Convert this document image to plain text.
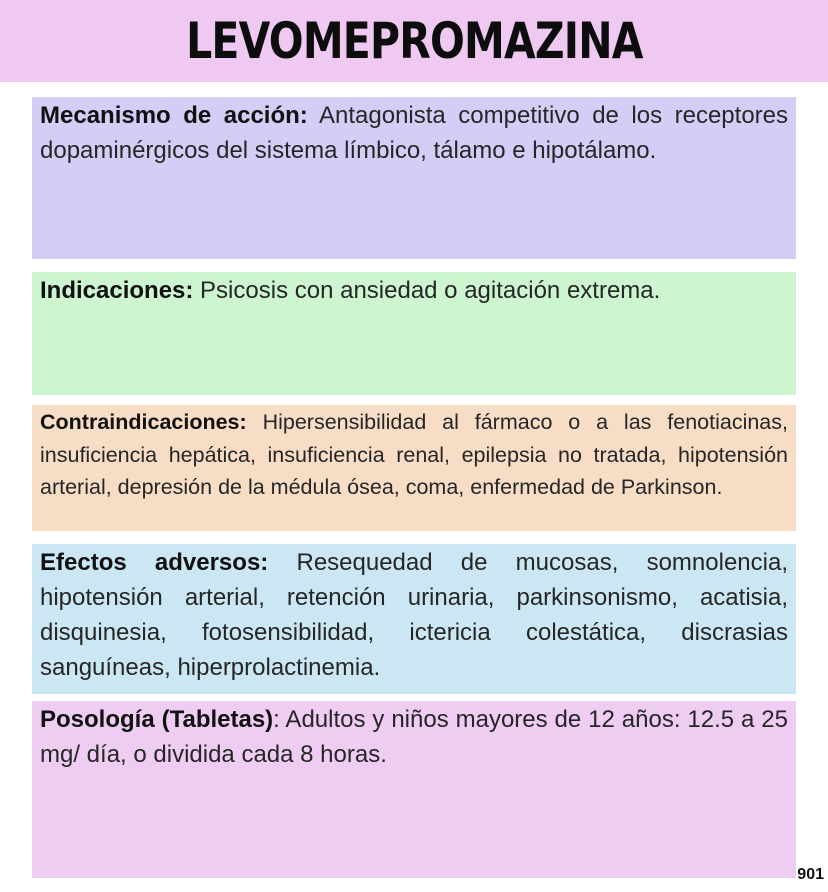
LEVOMEPROMAZINA
Mecanismo de acción: Antagonista competitivo de los receptores dopaminérgicos del sistema límbico, tálamo e hipotálamo.
Indicaciones: Psicosis con ansiedad o agitación extrema.
Contraindicaciones: Hipersensibilidad al fármaco o a las fenotiacinas, insuficiencia hepática, insuficiencia renal, epilepsia no tratada, hipotensión arterial, depresión de la médula ósea, coma, enfermedad de Parkinson.
Efectos adversos: Resequedad de mucosas, somnolencia, hipotensión arterial, retención urinaria, parkinsonismo, acatisia, disquinesia, fotosensibilidad, ictericia colestática, discrasias sanguíneas, hiperprolactinemia.
Posología (Tabletas): Adultos y niños mayores de 12 años: 12.5 a 25 mg/ día, o dividida cada 8 horas.
901
